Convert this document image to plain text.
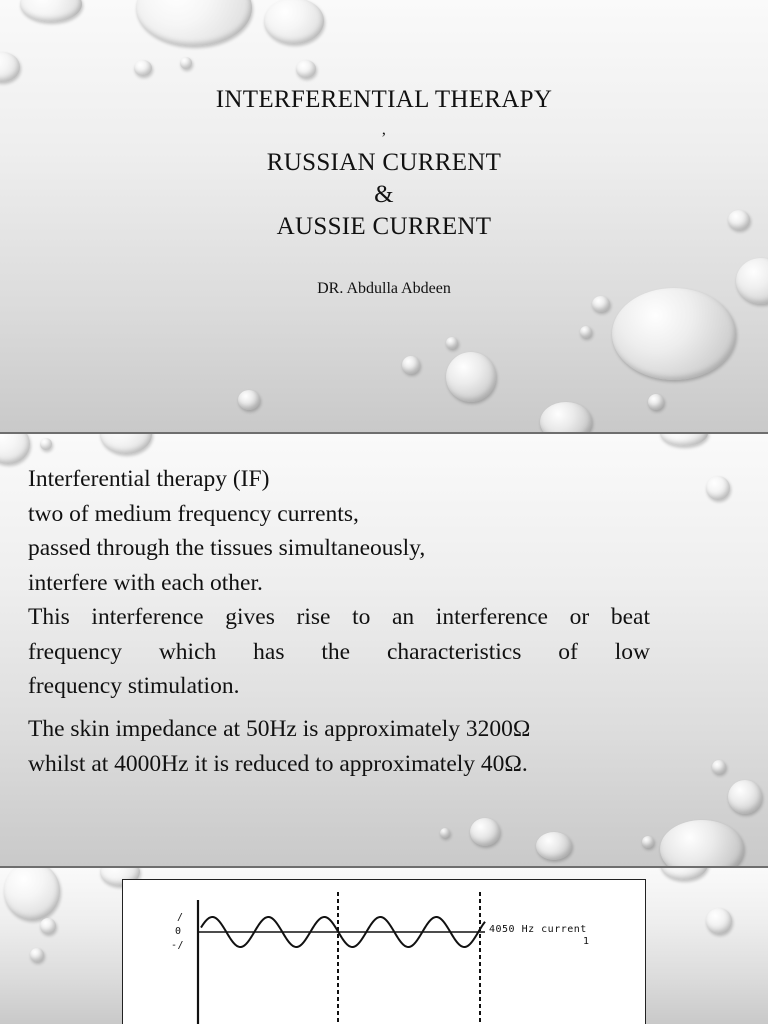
INTERFERENTIAL THERAPY
,
RUSSIAN CURRENT
&
AUSSIE CURRENT
DR. Abdulla Abdeen
Interferential therapy (IF)
two of medium frequency currents,
passed through the tissues simultaneously,
interfere with each other.
This interference gives rise to an interference or beat
frequency which has the characteristics of low
frequency stimulation.
The skin impedance at 50Hz is approximately 3200Ω
whilst at 4000Hz it is reduced to approximately 40Ω.
/
0
-/
4050 Hz current
1
